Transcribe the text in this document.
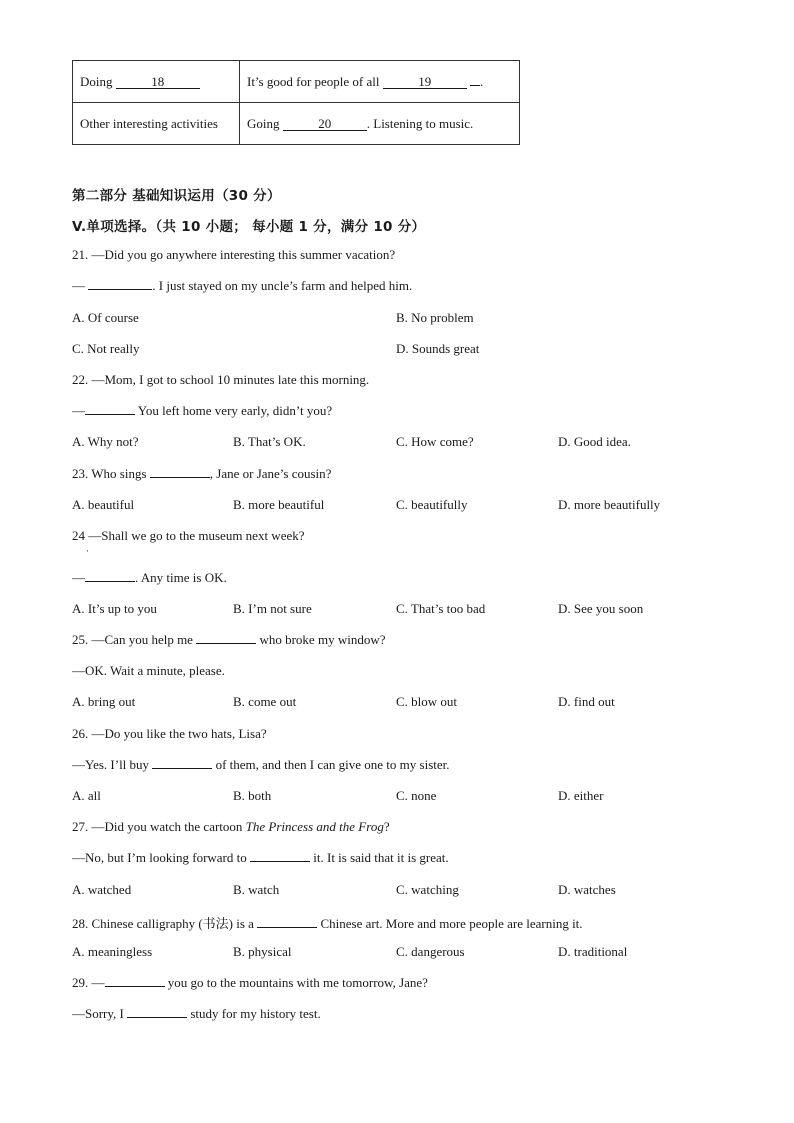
Doing 18	It’s good for people of all 19 .
Other interesting activities	Going 20 . Listening to music.
第二部分 基础知识运用（30 分）
V.单项选择。（共 10 小题； 每小题 1 分，满分 10 分）
21. —Did you go anywhere interesting this summer vacation?
—	. I just stayed on my uncle’s farm and helped him.
A. Of course	B. No problem
C. Not really	D. Sounds great
22. —Mom, I got to school 10 minutes late this morning.
—	You left home very early, didn’t you?
A. Why not?	B. That’s OK.	C. How come?	D. Good idea.
23. Who sings	, Jane or Jane’s cousin?
A. beautiful	B. more beautiful	C. beautifully	D. more beautifully
24 —Shall we go to the museum next week?
·
—	. Any time is OK.
A. It’s up to you	B. I’m not sure	C. That’s too bad	D. See you soon
25. —Can you help me	who broke my window?
—OK. Wait a minute, please.
A. bring out	B. come out	C. blow out	D. find out
26. —Do you like the two hats, Lisa?
—Yes. I’ll buy	of them, and then I can give one to my sister.
A. all	B. both	C. none	D. either
27. —Did you watch the cartoon The Princess and the Frog?
—No, but I’m looking forward to	it. It is said that it is great.
A. watched	B. watch	C. watching	D. watches
28. Chinese calligraphy (书法) is a	Chinese art. More and more people are learning it.
A. meaningless	B. physical	C. dangerous	D. traditional
29. —	you go to the mountains with me tomorrow, Jane?
—Sorry, I	study for my history test.
